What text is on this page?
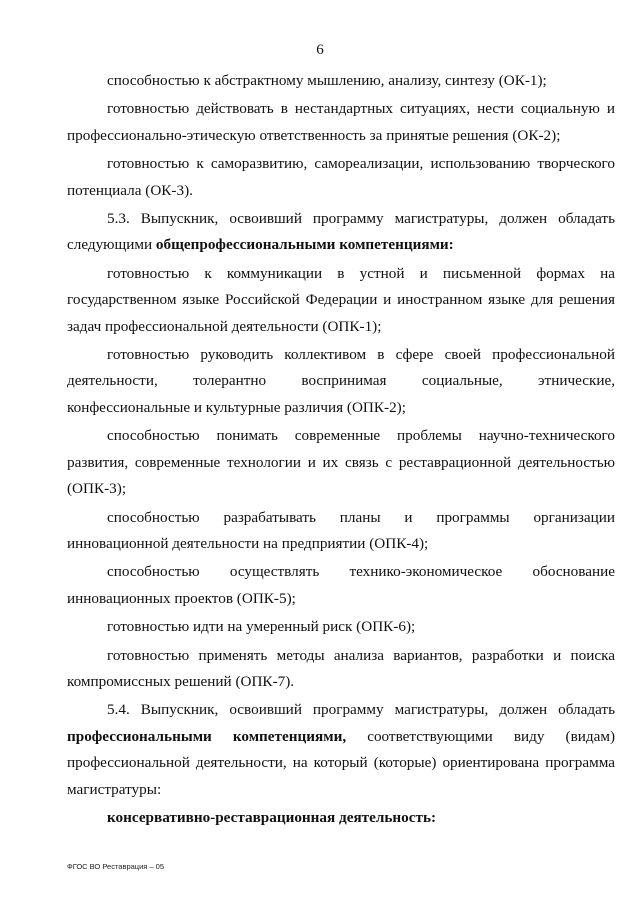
6

способностью к абстрактному мышлению, анализу, синтезу (ОК-1);

готовностью действовать в нестандартных ситуациях, нести социальную и профессионально-этическую ответственность за принятые решения (ОК-2);

готовностью к саморазвитию, самореализации, использованию творческого потенциала (ОК-3).

5.3. Выпускник, освоивший программу магистратуры, должен обладать следующими общепрофессиональными компетенциями:

готовностью к коммуникации в устной и письменной формах на государственном языке Российской Федерации и иностранном языке для решения задач профессиональной деятельности (ОПК-1);

готовностью руководить коллективом в сфере своей профессиональной деятельности, толерантно воспринимая социальные, этнические, конфессиональные и культурные различия (ОПК-2);

способностью понимать современные проблемы научно-технического развития, современные технологии и их связь с реставрационной деятельностью (ОПК-3);

способностью разрабатывать планы и программы организации инновационной деятельности на предприятии (ОПК-4);

способностью осуществлять технико-экономическое обоснование инновационных проектов (ОПК-5);

готовностью идти на умеренный риск (ОПК-6);

готовностью применять методы анализа вариантов, разработки и поиска компромиссных решений (ОПК-7).

5.4. Выпускник, освоивший программу магистратуры, должен обладать профессиональными компетенциями, соответствующими виду (видам) профессиональной деятельности, на который (которые) ориентирована программа магистратуры:

консервативно-реставрационная деятельность:

ФГОС ВО Реставрация – 05
